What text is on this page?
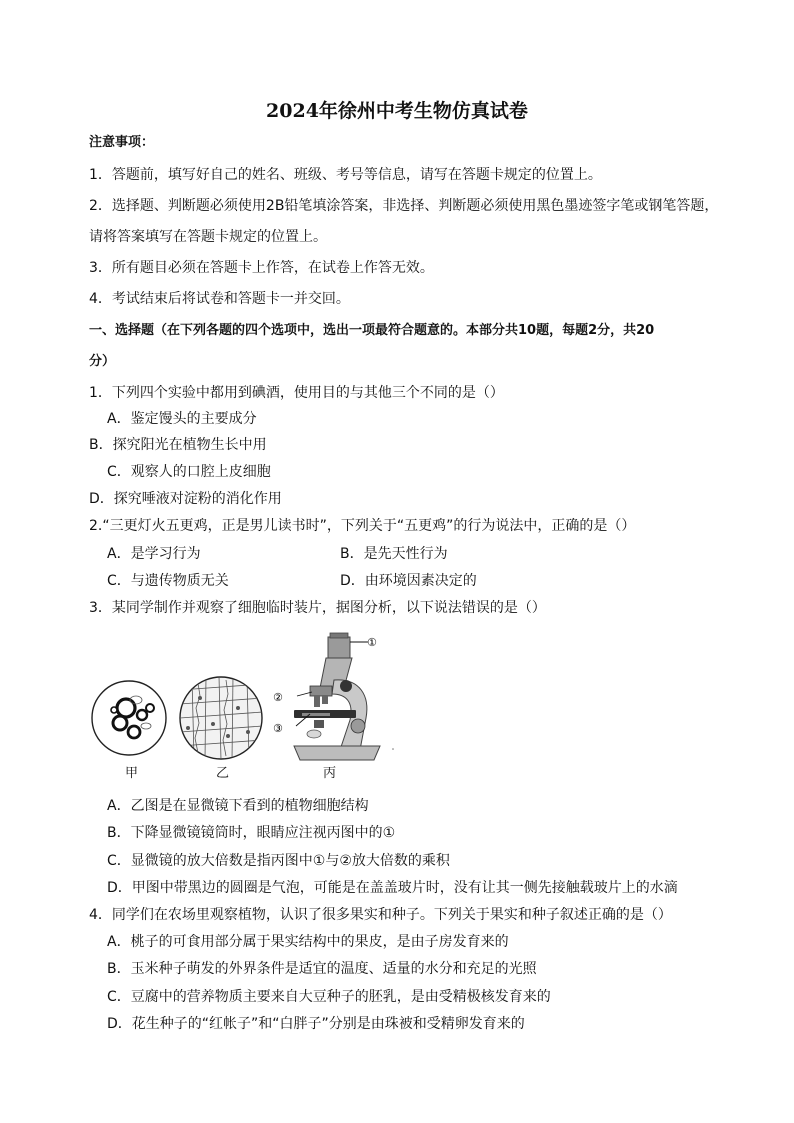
2024年徐州中考生物仿真试卷
注意事项：
1．答题前，填写好自己的姓名、班级、考号等信息，请写在答题卡规定的位置上。
2．选择题、判断题必须使用2B铅笔填涂答案，非选择、判断题必须使用黑色墨迹签字笔或钢笔答题，
请将答案填写在答题卡规定的位置上。
3．所有题目必须在答题卡上作答，在试卷上作答无效。
4．考试结束后将试卷和答题卡一并交回。
一、选择题（在下列各题的四个选项中，选出一项最符合题意的。本部分共10题，每题2分，共20
分）
1．下列四个实验中都用到碘酒，使用目的与其他三个不同的是（）
A．鉴定馒头的主要成分
B．探究阳光在植物生长中用
C．观察人的口腔上皮细胞
D．探究唾液对淀粉的消化作用
2.“三更灯火五更鸡，正是男儿读书时”，下列关于“五更鸡”的行为说法中，正确的是（）
A．是学习行为	B．是先天性行为
C．与遗传物质无关	D．由环境因素决定的
3．某同学制作并观察了细胞临时装片，据图分析，以下说法错误的是（）
①
②
③
甲	乙	丙
A．乙图是在显微镜下看到的植物细胞结构
B．下降显微镜镜筒时，眼睛应注视丙图中的①
C．显微镜的放大倍数是指丙图中①与②放大倍数的乘积
D．甲图中带黑边的圆圈是气泡，可能是在盖盖玻片时，没有让其一侧先接触载玻片上的水滴
4．同学们在农场里观察植物，认识了很多果实和种子。下列关于果实和种子叙述正确的是（）
A．桃子的可食用部分属于果实结构中的果皮，是由子房发育来的
B．玉米种子萌发的外界条件是适宜的温度、适量的水分和充足的光照
C．豆腐中的营养物质主要来自大豆种子的胚乳，是由受精极核发育来的
D．花生种子的“红帐子”和“白胖子”分别是由珠被和受精卵发育来的
